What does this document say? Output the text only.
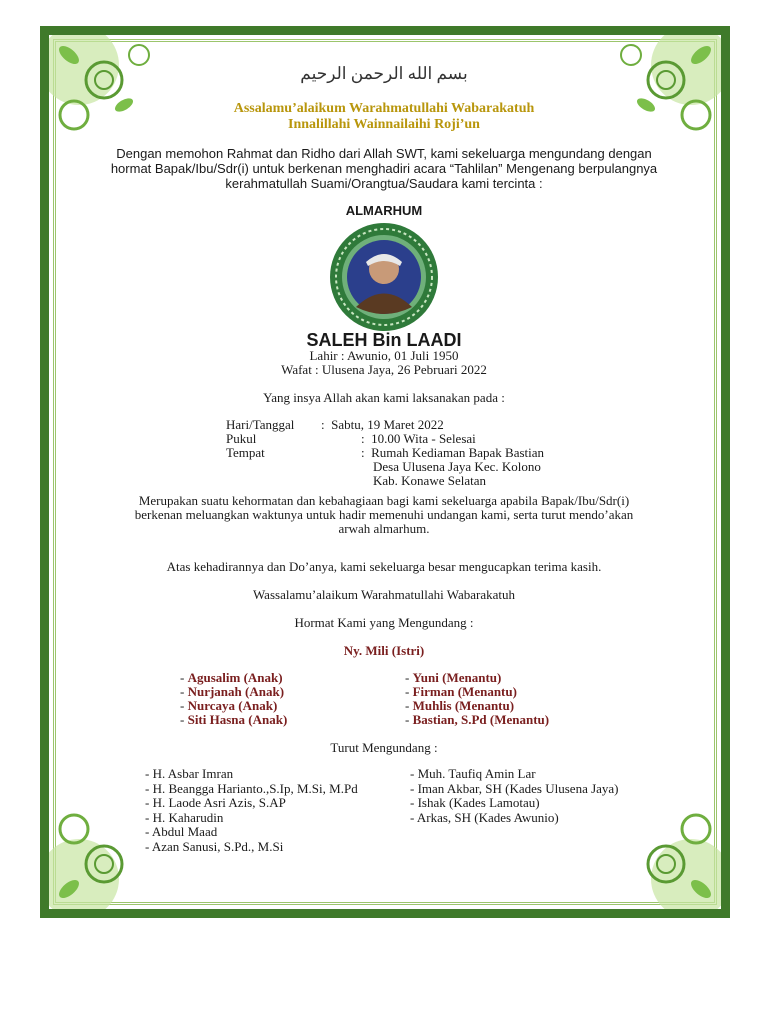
بسم الله الرحمن الرحيم
Assalamu’alaikum Warahmatullahi Wabarakatuh
Innalillahi Wainnailaihi Roji’un

Dengan memohon Rahmat dan Ridho dari Allah SWT, kami sekeluarga mengundang dengan

hormat Bapak/Ibu/Sdr(i) untuk berkenan menghadiri acara “Tahlilan” Mengenang berpulangnya

kerahmatullah Suami/Orangtua/Saudara kami tercinta :

ALMARHUM
SALEH Bin LAADI
Lahir : Awunio, 01 Juli 1950
Wafat : Ulusena Jaya, 26 Pebruari 2022
Yang insya Allah akan kami laksanakan pada :
Hari/Tanggal	:  Sabtu, 19 Maret 2022
Pukul	:  10.00 Wita - Selesai
Tempat	:  Rumah Kediaman Bapak Bastian
Desa Ulusena Jaya Kec. Kolono
Kab. Konawe Selatan

Merupakan suatu kehormatan dan kebahagiaan bagi kami sekeluarga apabila Bapak/Ibu/Sdr(i)

berkenan meluangkan waktunya untuk hadir memenuhi undangan kami, serta turut mendo’akan

arwah almarhum.

Atas kehadirannya dan Do’anya, kami sekeluarga besar mengucapkan terima kasih.
Wassalamu’alaikum Warahmatullahi Wabarakatuh
Hormat Kami yang Mengundang :
Ny. Mili (Istri)
- Agusalim (Anak)
- Nurjanah (Anak)
- Nurcaya (Anak)
- Siti Hasna (Anak)
- Yuni (Menantu)
- Firman (Menantu)
- Muhlis (Menantu)
- Bastian, S.Pd (Menantu)
Turut Mengundang :
- H. Asbar Imran
- H. Beangga Harianto.,S.Ip, M.Si, M.Pd
- H. Laode Asri Azis, S.AP
- H. Kaharudin
- Abdul Maad
- Azan Sanusi, S.Pd., M.Si
- Muh. Taufiq Amin Lar
- Iman Akbar, SH (Kades Ulusena Jaya)
- Ishak (Kades Lamotau)
- Arkas, SH (Kades Awunio)
